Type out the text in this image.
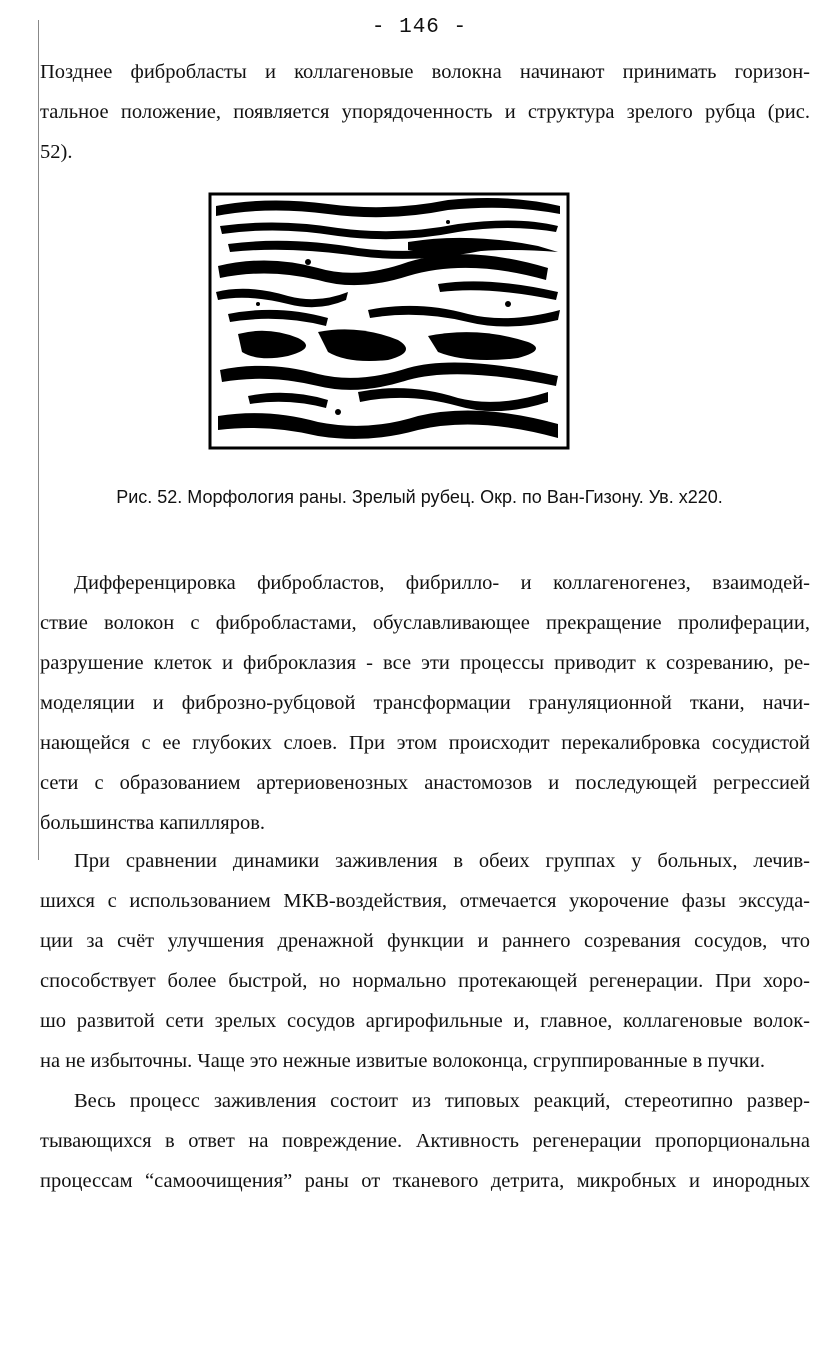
- 146 -
Позднее фибробласты и коллагеновые волокна начинают принимать горизон-
тальное положение, появляется упорядоченность и структура зрелого рубца (рис.
52).
Рис. 52. Морфология раны. Зрелый рубец. Окр. по Ван-Гизону. Ув. х220.
Дифференцировка фибробластов, фибрилло- и коллагеногенез, взаимодей-
ствие волокон с фибробластами, обуславливающее прекращение пролиферации,
разрушение клеток и фиброклазия - все эти процессы приводит к созреванию, ре-
моделяции и фиброзно-рубцовой трансформации грануляционной ткани, начи-
нающейся с ее глубоких слоев. При этом происходит перекалибровка сосудистой
сети с образованием артериовенозных анастомозов и последующей регрессией
большинства капилляров.
При сравнении динамики заживления в обеих группах у больных, лечив-
шихся с использованием МКВ-воздействия, отмечается укорочение фазы экссуда-
ции за счёт улучшения дренажной функции и раннего созревания сосудов, что
способствует более быстрой, но нормально протекающей регенерации. При хоро-
шо развитой сети зрелых сосудов аргирофильные и, главное, коллагеновые волок-
на не избыточны. Чаще это нежные извитые волоконца, сгруппированные в пучки.
Весь процесс заживления состоит из типовых реакций, стереотипно развер-
тывающихся в ответ на повреждение. Активность регенерации пропорциональна
процессам “самоочищения” раны от тканевого детрита, микробных и инородных
